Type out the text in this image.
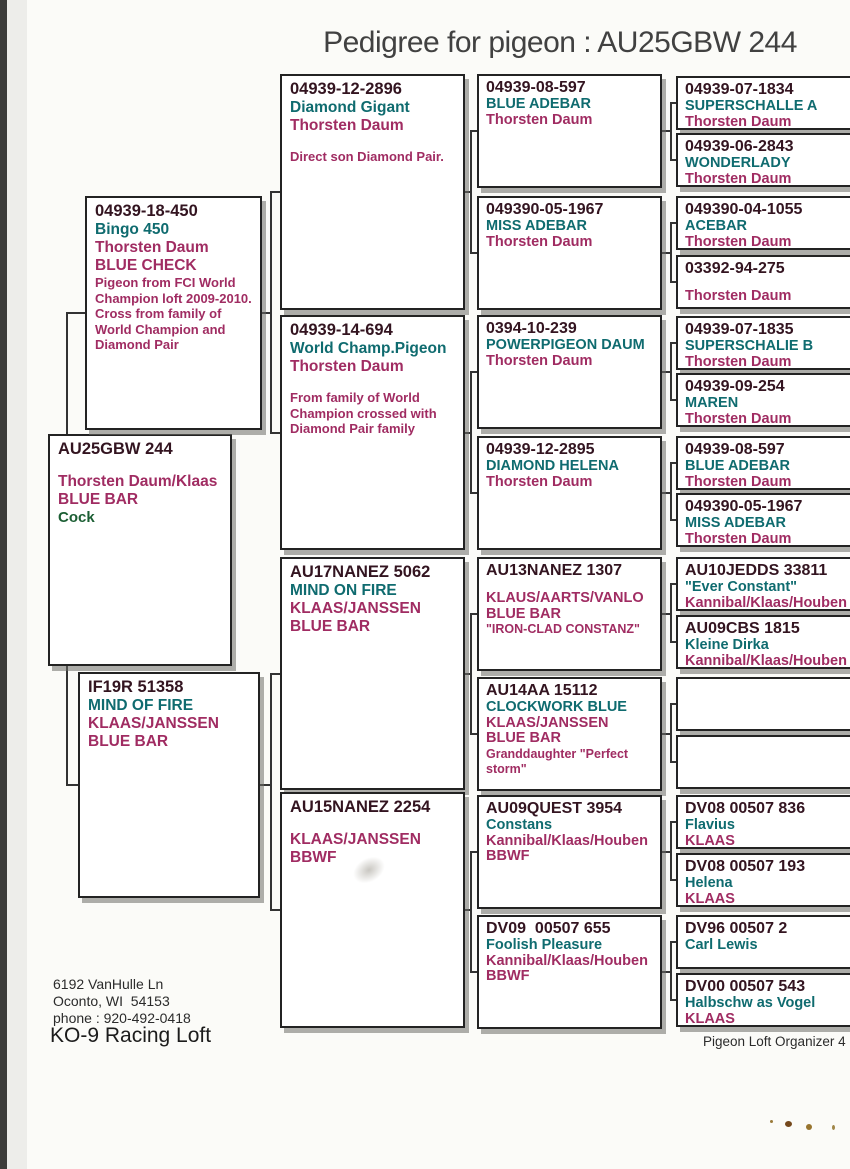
Pedigree for pigeon : AU25GBW 244
AU25GBW 244

Thorsten Daum/Klaas
BLUE BAR
Cock
04939-18-450
Bingo 450
Thorsten Daum
BLUE CHECK
Pigeon from FCI World Champion loft 2009-2010. Cross from family of World Champion and Diamond Pair
IF19R 51358
MIND OF FIRE
KLAAS/JANSSEN
BLUE BAR
04939-12-2896
Diamond Gigant
Thorsten Daum

Direct son Diamond Pair.
04939-14-694
World Champ.Pigeon
Thorsten Daum

From family of World Champion crossed with Diamond Pair family
AU17NANEZ 5062
MIND ON FIRE
KLAAS/JANSSEN
BLUE BAR
AU15NANEZ 2254

KLAAS/JANSSEN
BBWF
04939-08-597
BLUE ADEBAR
Thorsten Daum
049390-05-1967
MISS ADEBAR
Thorsten Daum
0394-10-239
POWERPIGEON DAUM
Thorsten Daum
04939-12-2895
DIAMOND HELENA
Thorsten Daum
AU13NANEZ 1307

KLAUS/AARTS/VANLO
BLUE BAR
"IRON-CLAD CONSTANZ"
AU14AA 15112
CLOCKWORK BLUE
KLAAS/JANSSEN
BLUE BAR
Granddaughter "Perfect storm"
AU09QUEST 3954
Constans
Kannibal/Klaas/Houben
BBWF
DV09  00507 655
Foolish Pleasure
Kannibal/Klaas/Houben
BBWF
04939-07-1834
SUPERSCHALLE A
Thorsten Daum
04939-06-2843
WONDERLADY
Thorsten Daum
049390-04-1055
ACEBAR
Thorsten Daum
03392-94-275

Thorsten Daum
04939-07-1835
SUPERSCHALIE B
Thorsten Daum
04939-09-254
MAREN
Thorsten Daum
04939-08-597
BLUE ADEBAR
Thorsten Daum
049390-05-1967
MISS ADEBAR
Thorsten Daum
AU10JEDDS 33811
"Ever Constant"
Kannibal/Klaas/Houben
AU09CBS 1815
Kleine Dirka
Kannibal/Klaas/Houben
DV08 00507 836
Flavius
KLAAS
DV08 00507 193
Helena
KLAAS
DV96 00507 2
Carl Lewis
DV00 00507 543
Halbschw as Vogel
KLAAS
6192 VanHulle Ln
Oconto, WI  54153
phone : 920-492-0418
KO-9 Racing Loft	Pigeon Loft Organizer 4
